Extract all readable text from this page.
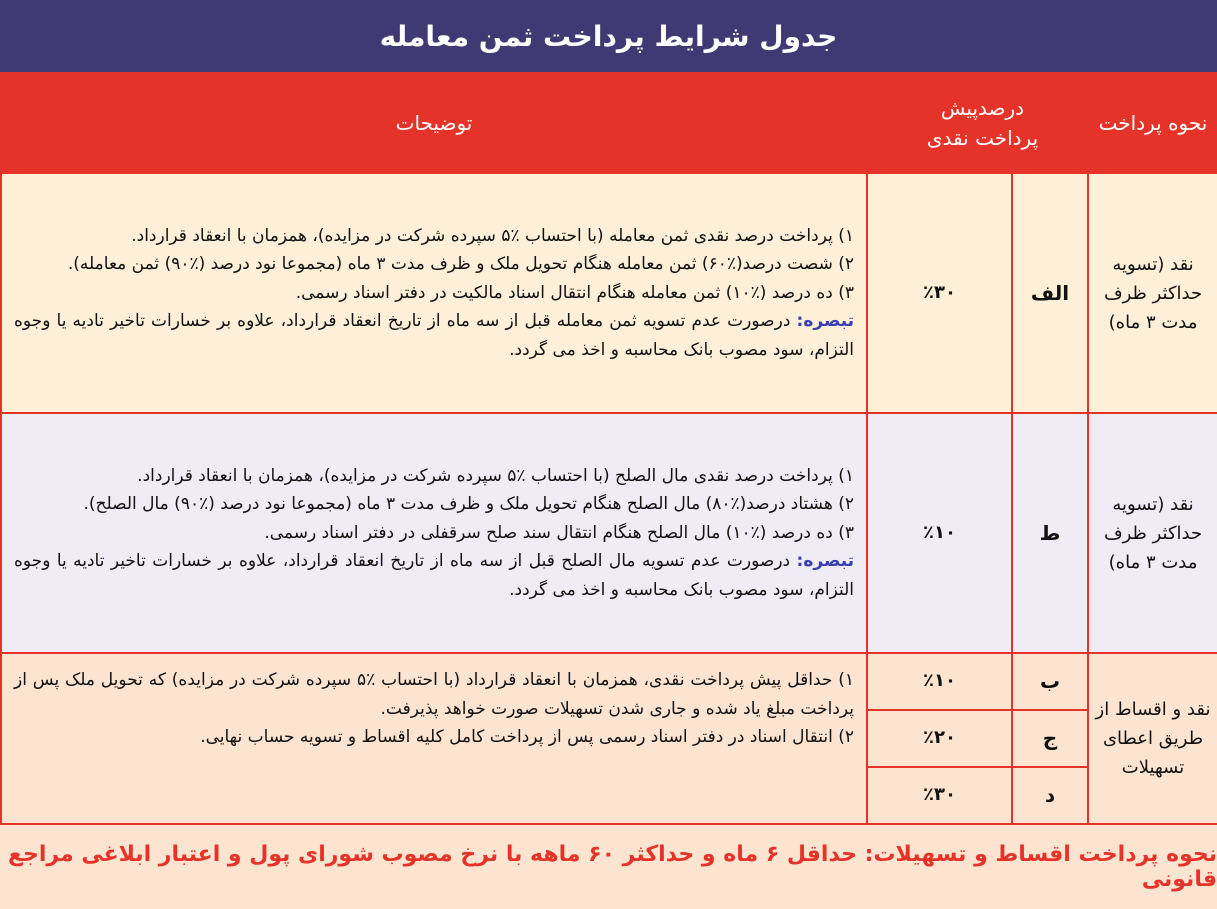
جدول شرایط پرداخت ثمن معامله
نحوه پرداخت	درصدپیش پرداخت نقدی		توضیحات
نقد (تسویه حداکثر ظرف مدت ۳ ماه)	الف	٪۳۰	۱) پرداخت درصد نقدی ثمن معامله (با احتساب ٪۵ سپرده شرکت در مزایده)، همزمان با انعقاد قرارداد.
۲) شصت درصد(٪۶۰) ثمن معامله هنگام تحویل ملک و ظرف مدت ۳ ماه (مجموعا نود درصد (٪۹۰) ثمن معامله).
۳) ده درصد (٪۱۰) ثمن معامله هنگام انتقال اسناد مالکیت در دفتر اسناد رسمی.
تبصره: درصورت عدم تسویه ثمن معامله قبل از سه ماه از تاریخ انعقاد قرارداد، علاوه بر خسارات تاخیر تادیه یا وجوه التزام، سود مصوب بانک محاسبه و اخذ می گردد.

نقد (تسویه حداکثر ظرف مدت ۳ ماه)	ط	٪۱۰	۱) پرداخت درصد نقدی مال الصلح (با احتساب ٪۵ سپرده شرکت در مزایده)، همزمان با انعقاد قرارداد.
۲) هشتاد درصد(٪۸۰) مال الصلح هنگام تحویل ملک و ظرف مدت ۳ ماه (مجموعا نود درصد (٪۹۰) مال الصلح).
۳) ده درصد (٪۱۰) مال الصلح هنگام انتقال سند صلح سرقفلی در دفتر اسناد رسمی.
تبصره: درصورت عدم تسویه مال الصلح قبل از سه ماه از تاریخ انعقاد قرارداد، علاوه بر خسارات تاخیر تادیه یا وجوه التزام، سود مصوب بانک محاسبه و اخذ می گردد.

نقد و اقساط از طریق اعطای تسهیلات	ب	٪۱۰	۱) حداقل پیش پرداخت نقدی، همزمان با انعقاد قرارداد (با احتساب ٪۵ سپرده شرکت در مزایده) که تحویل ملک پس از پرداخت مبلغ یاد شده و جاری شدن تسهیلات صورت خواهد پذیرفت.
۲) انتقال اسناد در دفتر اسناد رسمی پس از پرداخت کامل کلیه اقساط و تسویه حساب نهایی.

	ج	٪۲۰	
	د	٪۳۰	
نحوه پرداخت اقساط و تسهیلات: حداقل ۶ ماه و حداکثر ۶۰ ماهه با نرخ مصوب شورای پول و اعتبار ابلاغی مراجع قانونی
